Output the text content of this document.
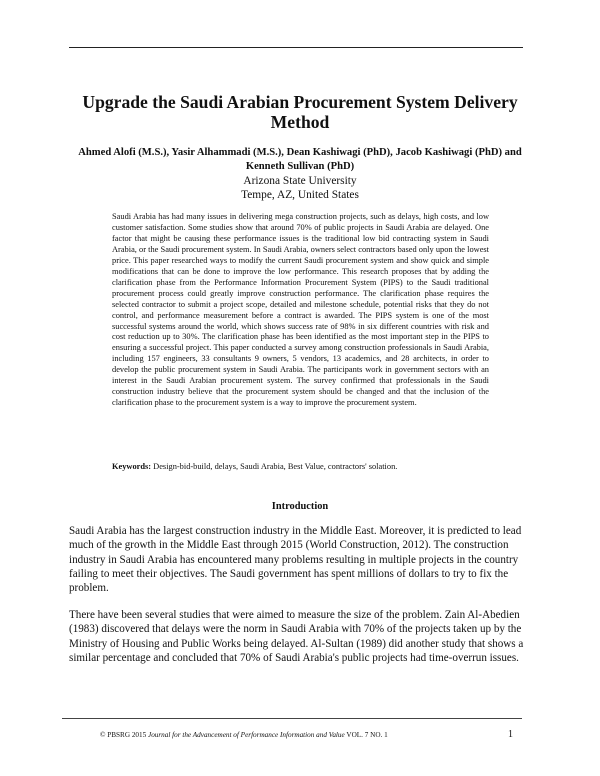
Upgrade the Saudi Arabian Procurement System Delivery Method
Ahmed Alofi (M.S.), Yasir Alhammadi (M.S.), Dean Kashiwagi (PhD), Jacob Kashiwagi (PhD) and Kenneth Sullivan (PhD)
Arizona State University
Tempe, AZ, United States
Saudi Arabia has had many issues in delivering mega construction projects, such as delays, high costs, and low customer satisfaction. Some studies show that around 70% of public projects in Saudi Arabia are delayed. One factor that might be causing these performance issues is the traditional low bid contracting system in Saudi Arabia, or the Saudi procurement system. In Saudi Arabia, owners select contractors based only upon the lowest price. This paper researched ways to modify the current Saudi procurement system and show quick and simple modifications that can be done to improve the low performance. This research proposes that by adding the clarification phase from the Performance Information Procurement System (PIPS) to the Saudi traditional procurement process could greatly improve construction performance. The clarification phase requires the selected contractor to submit a project scope, detailed and milestone schedule, potential risks that they do not control, and performance measurement before a contract is awarded. The PIPS system is one of the most successful systems around the world, which shows success rate of 98% in six different countries with risk and cost reduction up to 30%. The clarification phase has been identified as the most important step in the PIPS to ensuring a successful project. This paper conducted a survey among construction professionals in Saudi Arabia, including 157 engineers, 33 consultants 9 owners, 5 vendors, 13 academics, and 28 architects, in order to develop the public procurement system in Saudi Arabia. The participants work in government sectors with an interest in the Saudi Arabian procurement system. The survey confirmed that professionals in the Saudi construction industry believe that the procurement system should be changed and that the inclusion of the clarification phase to the procurement system is a way to improve the procurement system.
Keywords: Design-bid-build, delays, Saudi Arabia, Best Value, contractors' solation.
Introduction
Saudi Arabia has the largest construction industry in the Middle East. Moreover, it is predicted to lead much of the growth in the Middle East through 2015 (World Construction, 2012). The construction industry in Saudi Arabia has encountered many problems resulting in multiple projects in the country failing to meet their objectives. The Saudi government has spent millions of dollars to try to fix the problem.
There have been several studies that were aimed to measure the size of the problem. Zain Al-Abedien (1983) discovered that delays were the norm in Saudi Arabia with 70% of the projects taken up by the Ministry of Housing and Public Works being delayed. Al-Sultan (1989) did another study that shows a similar percentage and concluded that 70% of Saudi Arabia's public projects had time-overrun issues.
© PBSRG 2015 Journal for the Advancement of Performance Information and Value VOL. 7 NO. 1	1
